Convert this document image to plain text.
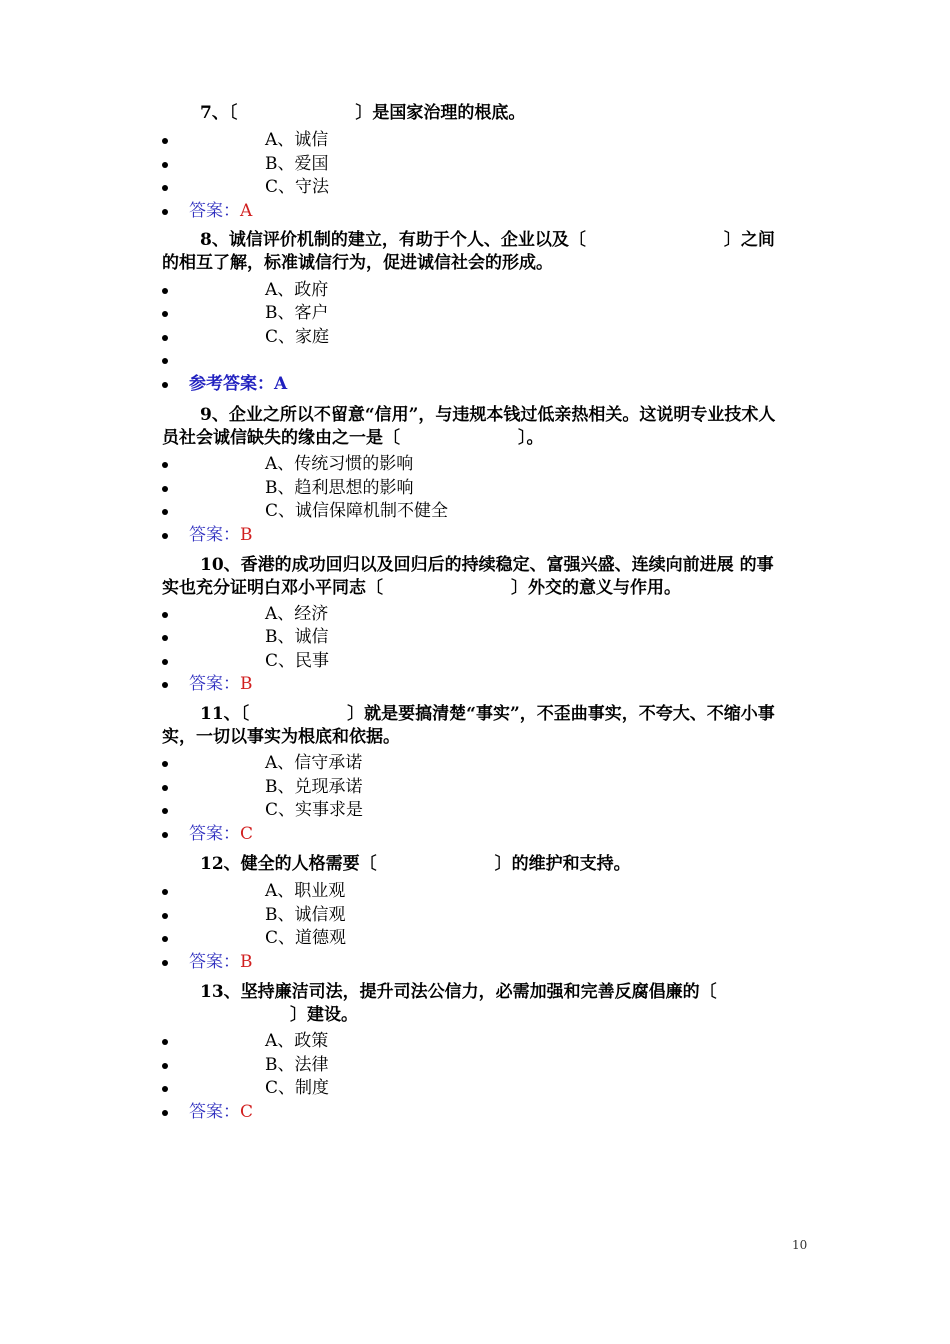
7、〔	〕是国家治理的根底。

A、诚信
B、爱国
C、守法
答案：A

8、诚信评价机制的建立，有助于个人、企业以及〔	〕之间的相互了解，标准诚信行为，促进诚信社会的形成。

A、政府
B、客户
C、家庭
参考答案：A

9、企业之所以不留意“信用”，与违规本钱过低亲热相关。这说明专业技术人员社会诚信缺失的缘由之一是〔	〕。

A、传统习惯的影响
B、趋利思想的影响
C、诚信保障机制不健全
答案：B

10、香港的成功回归以及回归后的持续稳定、富强兴盛、连续向前进展 的事实也充分证明白邓小平同志〔	〕外交的意义与作用。

A、经济
B、诚信
C、民事
答案：B

11、〔	〕就是要搞清楚“事实”，不歪曲事实，不夸大、不缩小事实，一切以事实为根底和依据。

A、信守承诺
B、兑现承诺
C、实事求是
答案：C

12、健全的人格需要〔	〕的维护和支持。

A、职业观
B、诚信观
C、道德观
答案：B

13、坚持廉洁司法，提升司法公信力，必需加强和完善反腐倡廉的〔〕建设。

A、政策
B、法律
C、制度
答案：C
10
